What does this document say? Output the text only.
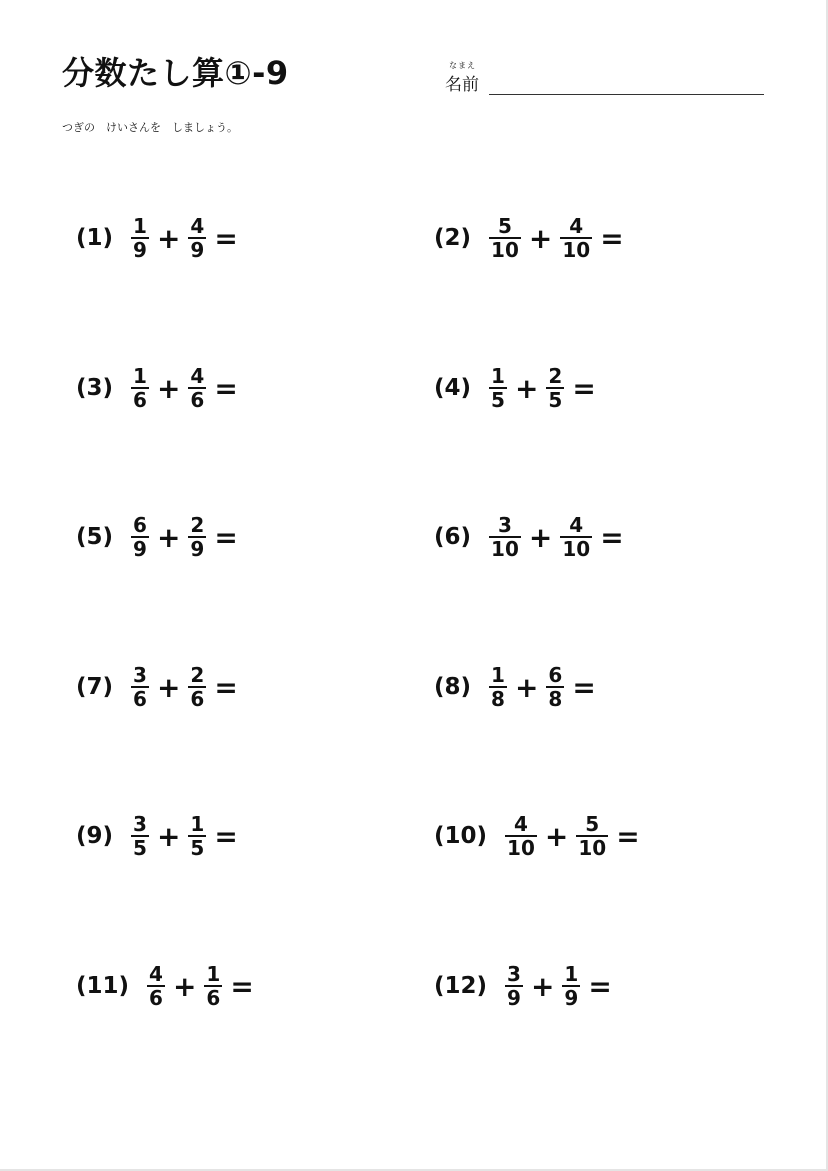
分数たし算①-9	なまえ
名前
つぎの　けいさんを　しましょう。
$(1) \frac{1}{9} + \frac{4}{9}$ =	$(2) \frac{5}{10} + \frac{4}{10}$ =
$(3) \frac{1}{6} + \frac{4}{6}$ =	$(4) \frac{1}{5} + \frac{2}{5}$ =
$(5) \frac{6}{9} + \frac{2}{9}$ =	$(6) \frac{3}{10} + \frac{4}{10}$ =
$(7) \frac{3}{6} + \frac{2}{6}$ =	$(8) \frac{1}{8} + \frac{6}{8}$ =
$(9) \frac{3}{5} + \frac{1}{5}$ =	$(10) \frac{4}{10} + \frac{5}{10}$ =
$(11) \frac{4}{6} + \frac{1}{6}$ =	$(12) \frac{3}{9} + \frac{1}{9}$ =
